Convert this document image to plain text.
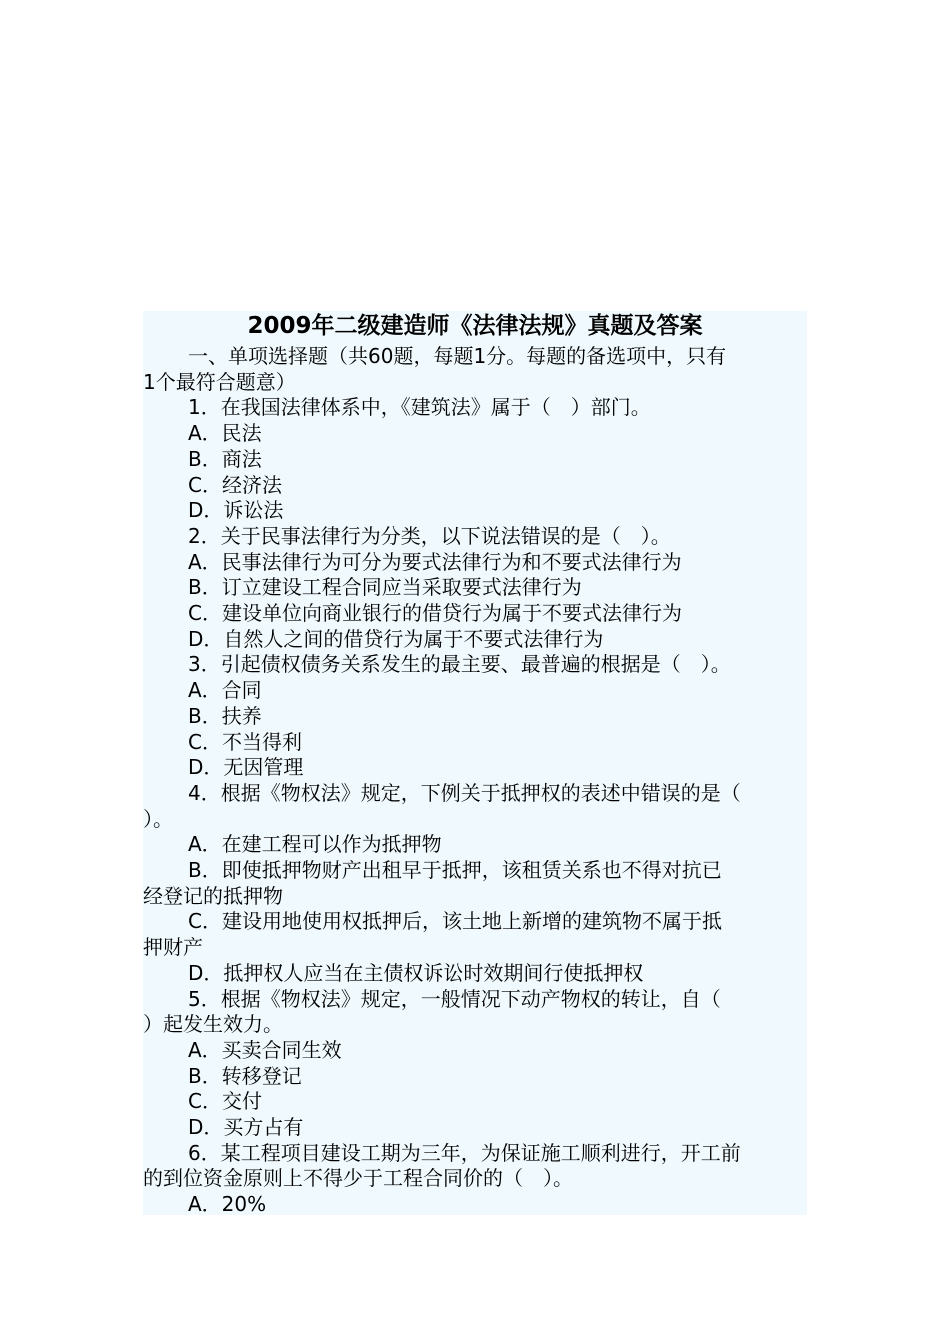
2009年二级建造师《法律法规》真题及答案
一、单项选择题（共60题，每题1分。每题的备选项中，只有
1个最符合题意）
1．在我国法律体系中，《建筑法》属于（　）部门。
A．民法
B．商法
C．经济法
D．诉讼法
2．关于民事法律行为分类，以下说法错误的是（　）。
A．民事法律行为可分为要式法律行为和不要式法律行为
B．订立建设工程合同应当采取要式法律行为
C．建设单位向商业银行的借贷行为属于不要式法律行为
D．自然人之间的借贷行为属于不要式法律行为
3．引起债权债务关系发生的最主要、最普遍的根据是（　）。
A．合同
B．扶养
C．不当得利
D．无因管理
4．根据《物权法》规定，下例关于抵押权的表述中错误的是（
）。
A．在建工程可以作为抵押物
B．即使抵押物财产出租早于抵押，该租赁关系也不得对抗已
经登记的抵押物
C．建设用地使用权抵押后，该土地上新增的建筑物不属于抵
押财产
D．抵押权人应当在主债权诉讼时效期间行使抵押权
5．根据《物权法》规定，一般情况下动产物权的转让，自（
）起发生效力。
A．买卖合同生效
B．转移登记
C．交付
D．买方占有
6．某工程项目建设工期为三年，为保证施工顺利进行，开工前
的到位资金原则上不得少于工程合同价的（　）。
A．20%
